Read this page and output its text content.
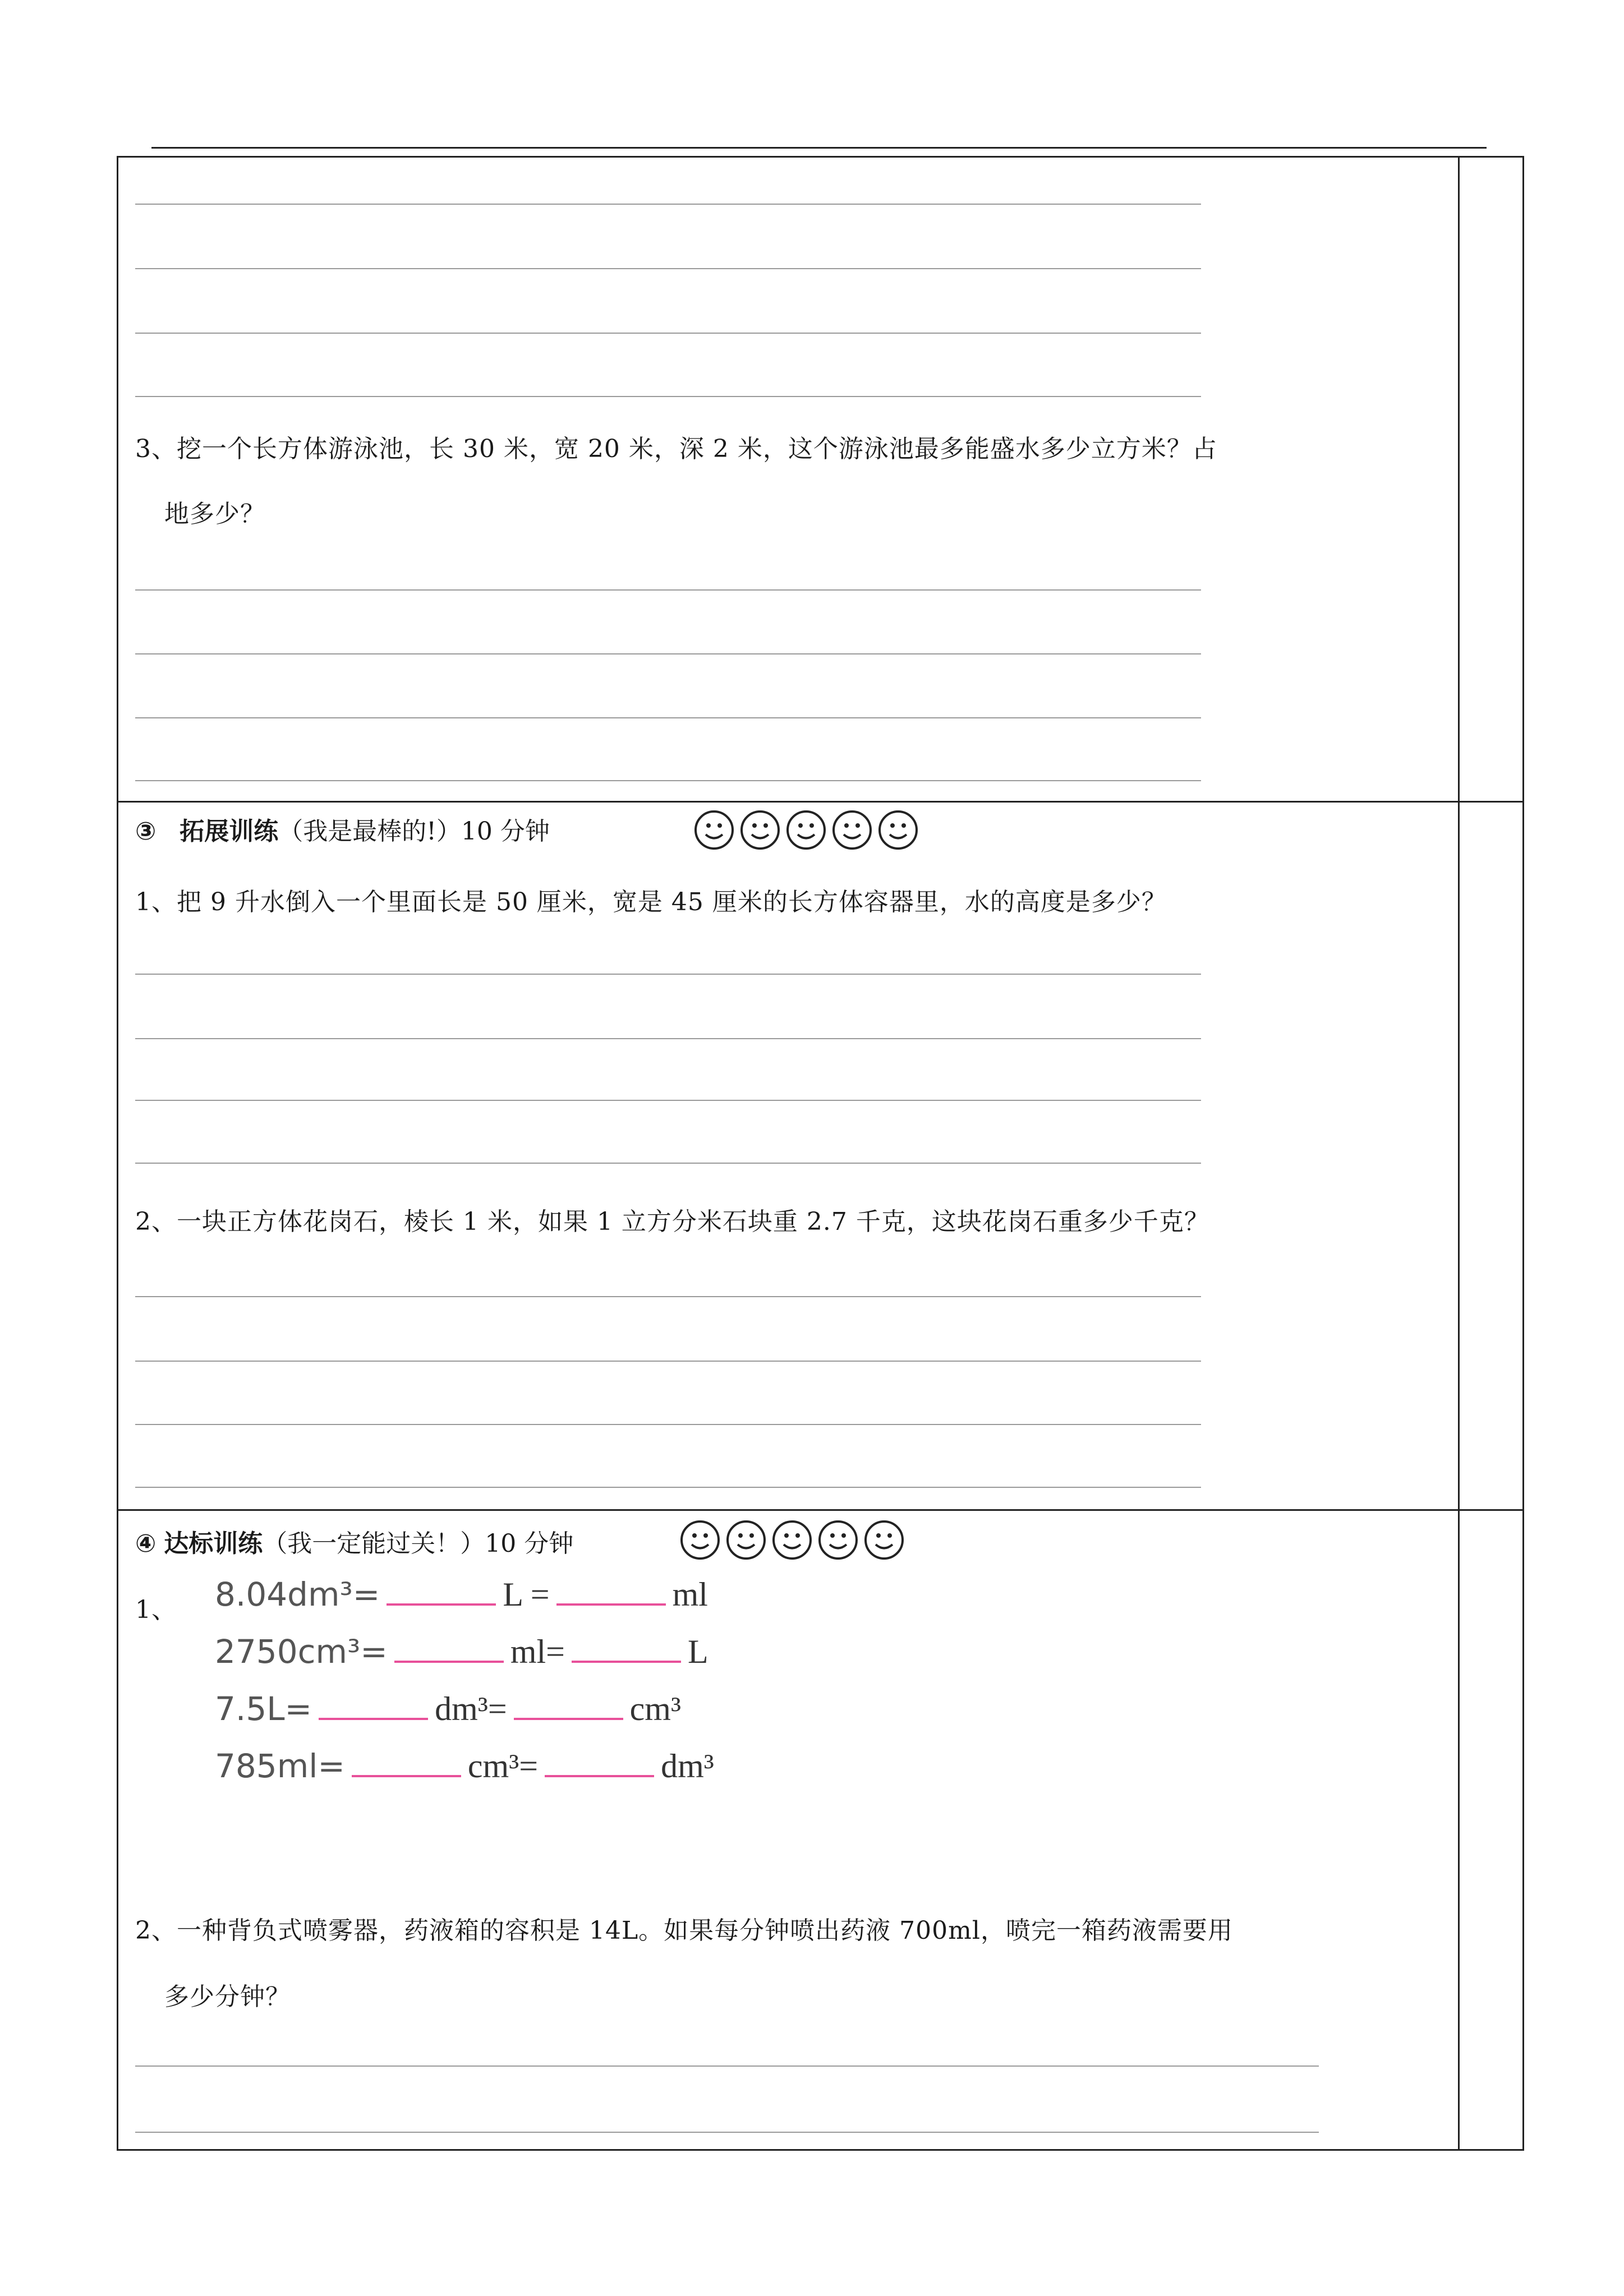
3、挖一个长方体游泳池，长 30 米，宽 20 米，深 2 米，这个游泳池最多能盛水多少立方米？占
地多少？
③ 拓展训练（我是最棒的!）10 分钟
1、把 9 升水倒入一个里面长是 50 厘米，宽是 45 厘米的长方体容器里，水的高度是多少？
2、一块正方体花岗石，棱长 1 米，如果 1 立方分米石块重 2.7 千克，这块花岗石重多少千克？
④ 达标训练（我一定能过关！）10 分钟
1、 8.04dm³=	L =	ml
2750cm³=	ml=	L
7.5L=	dm³=	cm³
785ml=	cm³=	dm³
2、一种背负式喷雾器，药液箱的容积是 14L。如果每分钟喷出药液 700ml，喷完一箱药液需要用
多少分钟？
